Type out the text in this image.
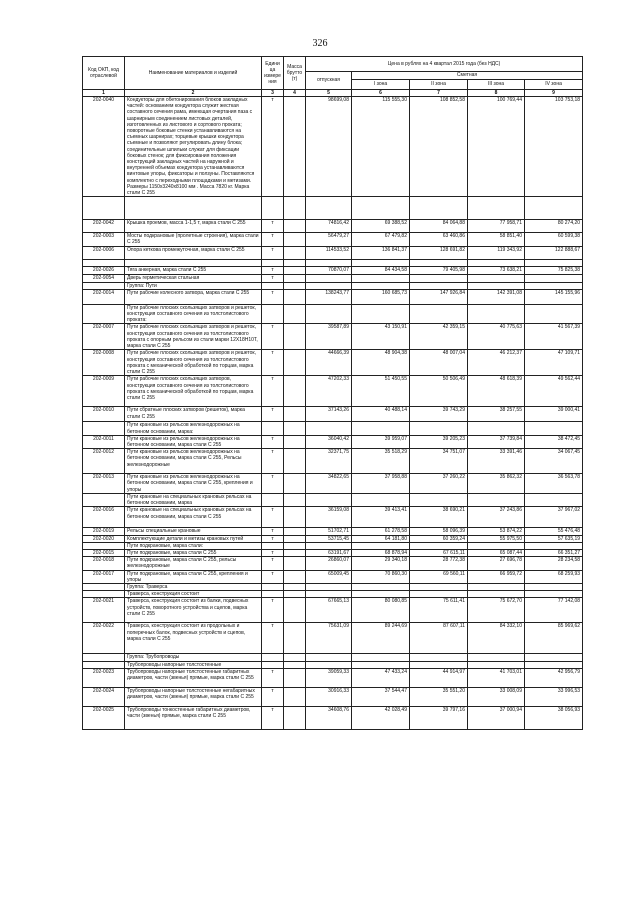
326
Код ОКП, код отраслевой	Наименование материалов и изделий	Едини ца измере ния	Масса брутто (т)	Цена в рублях на 4 квартал 2015 года (без НДС)				
				отпускная	Сметная			
					I зона	II зона	III зона	IV зона
1	2	3	4	5	6	7	8	9
202-0040	Кондукторы для обетонирования блоков закладных частей: основанием кондуктора служит жесткая составного сечения рама, имеющая очертания паза с шарнирным соединением листовых деталей, изготовленных из листового и сортового проката; поворотные боковые стенки устанавливаются на съемных шарнирах; торцевые крышки кондуктора съемные и позволяют регулировать длину блока; соединительные шпильки служат для фиксации боковых стенок; для фиксирования положения конструкций закладных частей на наружной и внутренней объемах кондуктора устанавливаются винтовые упоры, фиксаторы и ползуны. Поставляются комплектно с переходными площадками и метизами. Размеры 1150х3240х8100 мм . Масса 7820 кг. Марка стали С 255	т		98699,08	115 555,30	108 852,58	100 769,44	103 753,18

202-0042	Крышка проемов, масса 1-1,5 т, марка стали С 255	т		74816,42	69 388,52	84 064,88	77 958,71	80 274,20
202-0003	Мосты подкрановые (пролетные строения), марка стали С 255	т		56479,27	67 479,82	63 460,86	58 851,40	60 599,38
202-0006	Опора кеткова промежуточная, марка стали С 255	т		114533,52	136 841,37	128 691,82	119 343,92	122 888,67

202-0026	Тяга анкерная, марка стали С 255	т		70870,07	84 434,58	79 405,98	73 638,21	75 825,38
202-9054	Дверь герметическая стальная	т						
	Группа: Пути							
202-0014	Пути рабочие колесного затвора, марка стали С 255	т		138243,77	160 685,73	147 926,84	142 391,08	145 155,96
	Пути рабочие плоских скользящих затворов и решеток, конструкция составного сечения из толстолистового проката:							
202-0007	Пути рабочие плоских скользящих затворов и решеток, конструкция составного сечения из толстолистового проката с опорным рельсом из стали марки 12Х18Н10Т, марка стали С 255	т		39587,89	43 150,91	42 359,15	40 775,63	41 567,39
202-0008	Пути рабочие плоских скользящих затворов и решеток, конструкция составного сечения из толстолистового проката с механической обработкой по торцам, марка стали С 255	т		44666,39	48 904,38	48 007,04	46 212,37	47 109,71
202-0009	Пути рабочие плоских скользящих затворов, конструкция составного сечения из толстолистового проката с механической обработкой по торцам, марка стали С 255	т		47202,33	51 450,55	50 506,49	48 618,39	49 562,44
202-0010	Пути сбратные плоских затворов (решеток), марка стали С 255	т		37143,26	40 488,14	39 743,29	38 257,55	39 000,41
	Пути крановые из рельсов железнодорожных на бетонном основании, марка:							
202-0011	Пути крановые из рельсов железнодорожных на бетонном основании, марка стали С 255	т		36040,42	39 959,07	39 205,23	37 739,84	38 472,45
202-0012	Пути крановые из рельсов железнодорожных на бетонном основании, марка стали С 255, Рельсы железнодорожные	т		32371,75	35 518,29	34 751,07	33 391,46	34 067,45
202-0013	Пути крановые из рельсов железнодорожных на бетонном основании, марка стали С 255, крепления и упоры	т		34822,65	37 958,88	37 260,22	35 862,32	36 563,78
	Пути крановые на специальных крановых рельсах на бетонном основании, марка							
202-0016	Пути крановые на специальных крановых рельсах на бетонном основании, марка стали С 255	т		36159,08	39 413,41	38 690,21	37 243,86	37 967,02
202-0019	Рельсы специальные крановые	т		51702,71	61 278,58	58 096,39	53 874,22	55 476,48
202-0020	Комплектующие детали и метизы крановых путей	т		53715,45	64 181,80	60 359,24	55 975,50	57 635,19
	Пути подкрановые, марка стали:							
202-0015	Пути подкрановые, марка стали С 255	т		63191,67	68 878,94	67 615,11	65 087,44	66 351,27
202-0018	Пути подкрановые, марка стали С 255, рельсы железнодорожные	т		26860,07	29 340,18	28 772,38	27 696,78	28 234,58
202-0017	Пути подкрановые, марка стали С 255, крепления и упоры	т		65009,45	70 860,30	69 560,11	66 959,72	68 259,93
	Группа: Траверса							
	Траверса, конструкция состоит							
202-0021	Траверса, конструкция состоит из балки, подвесных устройств, поворотного устройства и сцепов, марка стали С 255	т		67665,13	80 080,85	75 611,41	75 672,70	77 142,08
202-0022	Траверса, конструкция состоит из продольных и поперечных балок, подвесных устройств и сцепов, марка стали С 255	т		75631,09	89 244,69	87 607,11	84 332,10	85 969,62
	Группа: Трубопроводы							
	Трубопроводы напорные толстостенные							
202-0023	Трубопроводы напорные толстостенные габаритных диаметров, части (звенья) прямые, марка стали С 255	т		39059,33	47 433,24	44 914,97	41 703,01	42 956,79
202-0024	Трубопроводы напорные толстостенные негабаритных диаметров, части (звенья) прямые, марка стали С 255	т		30916,33	37 544,47	35 551,20	33 008,09	33 996,53
202-0025	Трубопроводы тонкостенные габаритных диаметров, части (звенья) прямые, марка стали С 255	т		34608,76	42 028,49	39 797,16	37 000,94	38 056,93
